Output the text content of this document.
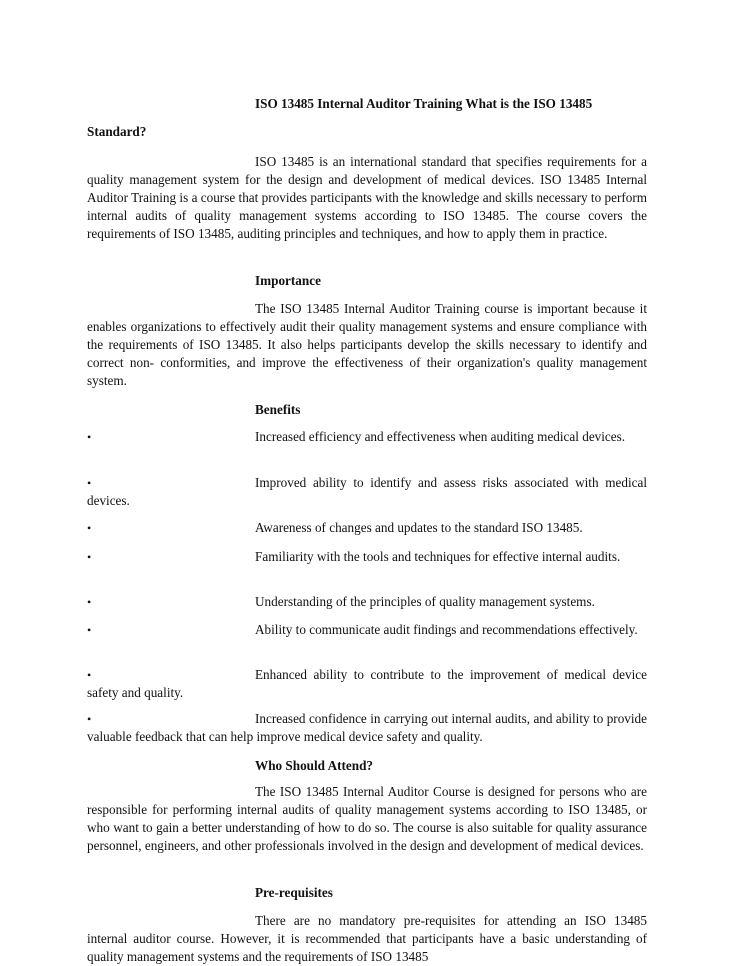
ISO 13485 Internal Auditor Training What is the ISO 13485
Standard?
ISO 13485 is an international standard that specifies requirements for a quality management system for the design and development of medical devices. ISO 13485 Internal Auditor Training is a course that provides participants with the knowledge and skills necessary to perform internal audits of quality management systems according to ISO 13485. The course covers the requirements of ISO 13485, auditing principles and techniques, and how to apply them in practice.
Importance
The ISO 13485 Internal Auditor Training course is important because it enables organizations to effectively audit their quality management systems and ensure compliance with the requirements of ISO 13485. It also helps participants develop the skills necessary to identify and correct non- conformities, and improve the effectiveness of their organization's quality management system.
Benefits
•	Increased efficiency and effectiveness when auditing medical devices.
•	Improved ability to identify and assess risks associated with medical devices.
•	Awareness of changes and updates to the standard ISO 13485.
•	Familiarity with the tools and techniques for effective internal audits.
•	Understanding of the principles of quality management systems.
•	Ability to communicate audit findings and recommendations effectively.
•	Enhanced ability to contribute to the improvement of medical device safety and quality.
•	Increased confidence in carrying out internal audits, and ability to provide valuable feedback that can help improve medical device safety and quality.
Who Should Attend?
The ISO 13485 Internal Auditor Course is designed for persons who are responsible for performing internal audits of quality management systems according to ISO 13485, or who want to gain a better understanding of how to do so. The course is also suitable for quality assurance personnel, engineers, and other professionals involved in the design and development of medical devices.
Pre-requisites
There are no mandatory pre-requisites for attending an ISO 13485 internal auditor course. However, it is recommended that participants have a basic understanding of quality management systems and the requirements of ISO 13485
